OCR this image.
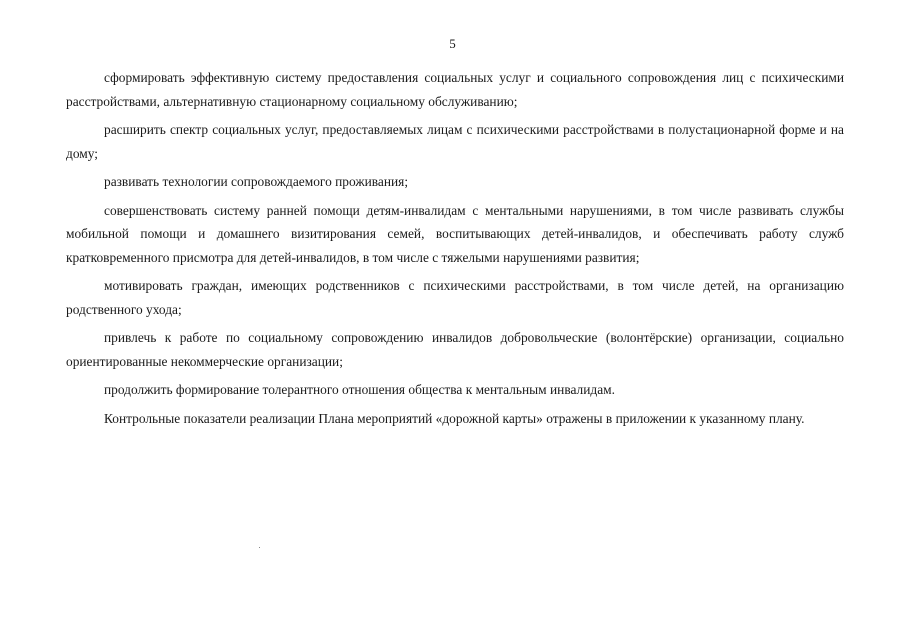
5

сформировать эффективную систему предоставления социальных услуг и социального сопровождения лиц с психическими расстройствами, альтернативную стационарному социальному обслуживанию;

расширить спектр социальных услуг, предоставляемых лицам с психическими расстройствами в полустационарной форме и на дому;

развивать технологии сопровождаемого проживания;

совершенствовать систему ранней помощи детям-инвалидам с ментальными нарушениями, в том числе развивать службы мобильной помощи и домашнего визитирования семей, воспитывающих детей-инвалидов, и обеспечивать работу служб кратковременного присмотра для детей-инвалидов, в том числе с тяжелыми нарушениями развития;

мотивировать граждан, имеющих родственников с психическими расстройствами, в том числе детей, на организацию родственного ухода;

привлечь к работе по социальному сопровождению инвалидов добровольческие (волонтёрские) организации, социально ориентированные некоммерческие организации;

продолжить формирование толерантного отношения общества к ментальным инвалидам.

Контрольные показатели реализации Плана мероприятий «дорожной карты» отражены в приложении к указанному плану.
